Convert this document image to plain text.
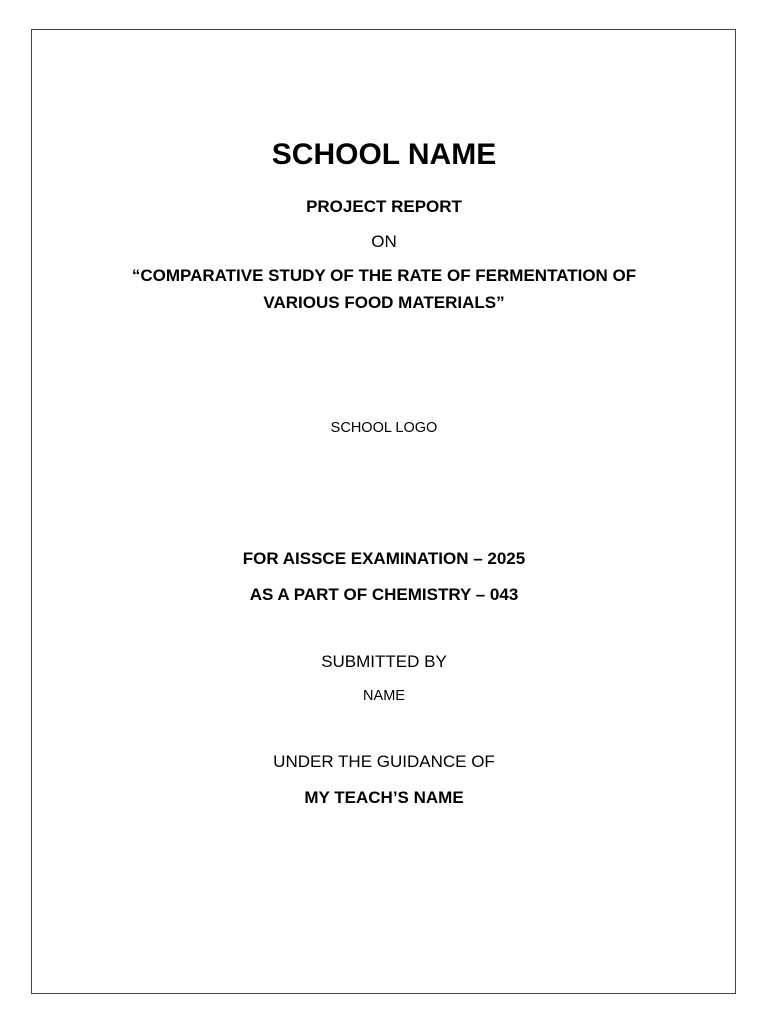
SCHOOL NAME
PROJECT REPORT
ON
“COMPARATIVE STUDY OF THE RATE OF FERMENTATION OF
VARIOUS FOOD MATERIALS”
SCHOOL LOGO
FOR AISSCE EXAMINATION – 2025
AS A PART OF CHEMISTRY – 043
SUBMITTED BY
NAME
UNDER THE GUIDANCE OF
MY TEACH’S NAME
